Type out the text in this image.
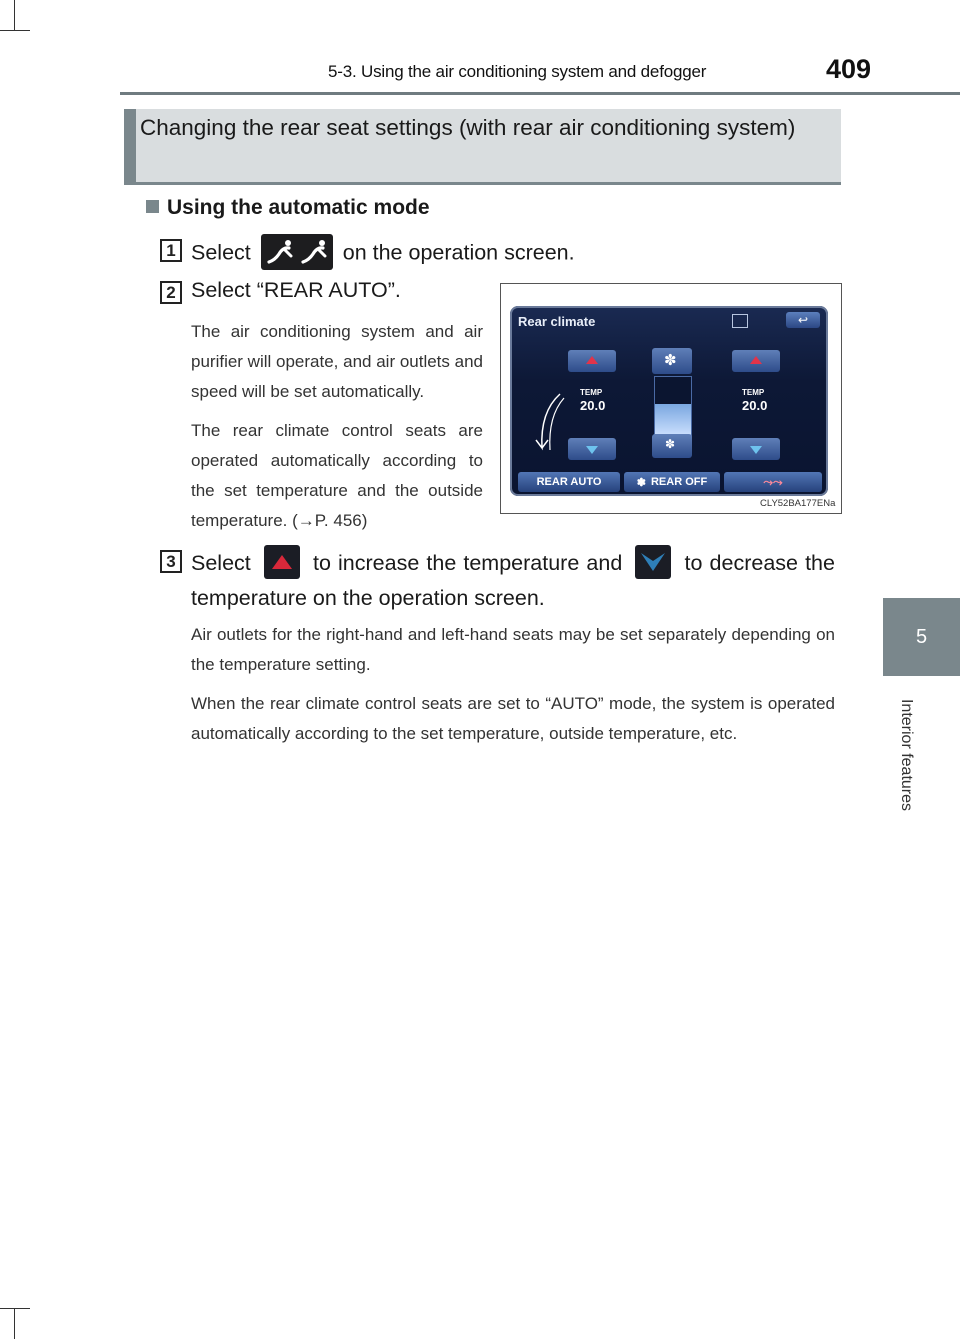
5-3. Using the air conditioning system and defogger	409
5
Interior features
Changing the rear seat settings (with rear air conditioning system)
Using the automatic mode
1 Select	on the operation screen.
2 Select “REAR AUTO”.
The air conditioning system and air purifier will operate, and air outlets and speed will be set automatically.
The rear climate control seats are operated automatically according to the set temperature and the outside temperature. (→P. 456)
Rear climate	↩
TEMP
20.0
✽
✽
TEMP
20.0
REAR AUTO	✽ REAR OFF	⤳⤳
CLY52BA177ENa
3 Select	to increase the temperature and	to decrease the temperature on the operation screen.
Air outlets for the right-hand and left-hand seats may be set separately depending on the temperature setting.
When the rear climate control seats are set to “AUTO” mode, the system is operated automatically according to the set temperature, outside temperature, etc.
